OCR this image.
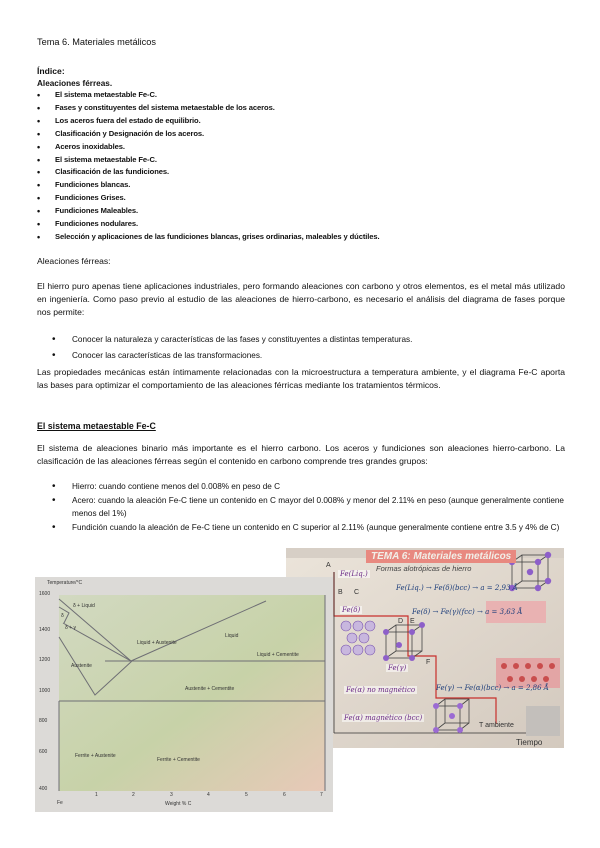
Tema 6. Materiales metálicos
Índice:
Aleaciones férreas.
• El sistema metaestable Fe-C.
• Fases y constituyentes del sistema metaestable de los aceros.
• Los aceros fuera del estado de equilibrio.
• Clasificación y Designación de los aceros.
• Aceros inoxidables.
• El sistema metaestable Fe-C.
• Clasificación de las fundiciones.
• Fundiciones blancas.
• Fundiciones Grises.
• Fundiciones Maleables.
• Fundiciones nodulares.
• Selección y aplicaciones de las fundiciones blancas, grises ordinarias, maleables y dúctiles.
Aleaciones férreas:
El hierro puro apenas tiene aplicaciones industriales, pero formando aleaciones con carbono y otros elementos, es el metal más utilizado en ingeniería. Como paso previo al estudio de las aleaciones de hierro-carbono, es necesario el análisis del diagrama de fases porque nos permite:
• Conocer la naturaleza y características de las fases y constituyentes a distintas temperaturas.
• Conocer las características de las transformaciones.
Las propiedades mecánicas están íntimamente relacionadas con la microestructura a temperatura ambiente, y el diagrama Fe-C aporta las bases para optimizar el comportamiento de las aleaciones férricas mediante los tratamientos térmicos.
El sistema metaestable Fe-C
El sistema de aleaciones binario más importante es el hierro carbono. Los aceros y fundiciones son aleaciones hierro-carbono. La clasificación de las aleaciones férreas según el contenido en carbono comprende tres grandes grupos:
• Hierro: cuando contiene menos del 0.008% en peso de C
• Acero: cuando la aleación Fe-C tiene un contenido en C mayor del 0.008% y menor del 2.11% en peso (aunque generalmente contiene menos del 1%)
• Fundición cuando la aleación de Fe-C tiene un contenido en C superior al 2.11% (aunque generalmente contiene entre 3.5 y 4% de C)
TEMA 6: Materiales metálicos
Formas alotrópicas de hierro
Fe(Liq.)
Fe(Liq.) → Fe(δ)(bcc) → a = 2,93 Å
Fe(δ)	Fe(δ) → Fe(γ)(fcc) → a = 3,63 Å
Fe(γ)
Fe(γ) → Fe(α)(bcc) → a = 2,86 Å
Fe(α) no magnético
Fe(α) magnético (bcc)
T ambiente
Tiempo
A
B C
D E
F
Temperature/°C
1600
1400
1200
1000
800
600
400
Fe
1	2	3	4	5	6	7
Weight % C
δ + Liquid
δ
δ + γ
Liquid
Liquid + Austenite
Liquid + Cementite
Austenite
Austenite + Cementite
Ferrite + Austenite
Ferrite + Cementite
